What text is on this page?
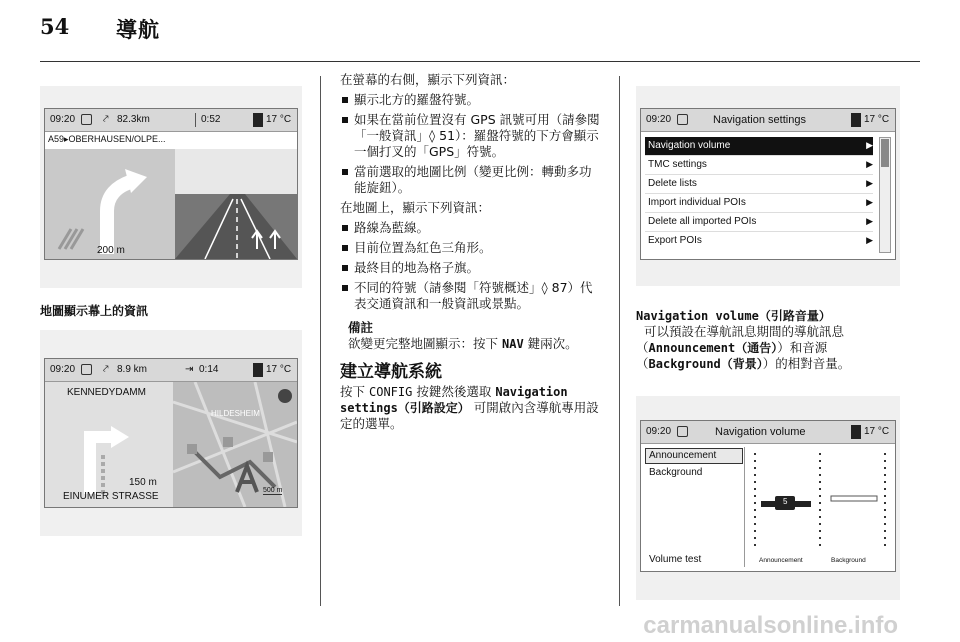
54 導航
09:20	⤤ 82.3km	0:52	17 °C
A59▸OBERHAUSEN/OLPE...
200 m
地圖顯示幕上的資訊
09:20	⤤ 8.9 km	⇥ 0:14	17 °C
KENNEDYDAMM
HILDESHEIM
150 m
EINUMER STRASSE
500 m

在螢幕的右側，顯示下列資訊：

顯示北方的羅盤符號。
如果在當前位置沒有 GPS 訊號可用（請參閱「一般資訊」◊ 51）：羅盤符號的下方會顯示一個打叉的「GPS」符號。
當前選取的地圖比例（變更比例：轉動多功能旋鈕）。

在地圖上，顯示下列資訊：

路線為藍線。
目前位置為紅色三角形。
最終目的地為格子旗。
不同的符號（請參閱「符號概述」◊ 87）代表交通資訊和一般資訊或景點。
備註
欲變更完整地圖顯示：按下 NAV 鍵兩次。
建立導航系統

按下 CONFIG 按鍵然後選取 Navigation settings（引路設定） 可開啟內含導航專用設定的選單。

09:20	Navigation settings	17 °C
Navigation volume	▶
TMC settings	▶
Delete lists	▶
Import individual POIs	▶
Delete all imported POIs	▶
Export POIs	▶
Navigation volume（引路音量）
可以預設在導航訊息期間的導航訊息
（Announcement（通告））和音源
（Background（背景））的相對音量。
09:20	Navigation volume	17 °C
Announcement
Background
Volume test
5
Announcement	Background
carmanualsonline.info
